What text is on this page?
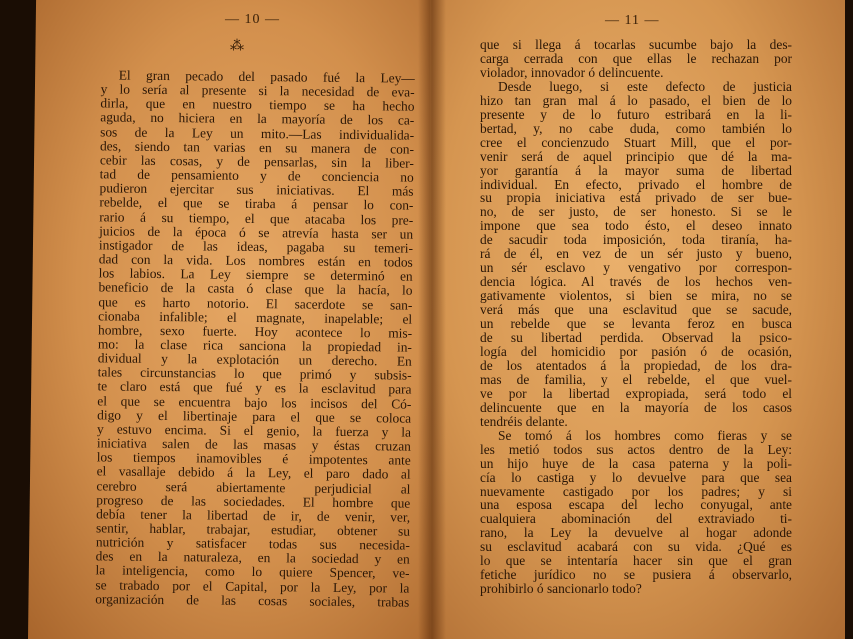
— 10 —
⁂
— 11 —
El gran pecado del pasado fué la Ley—
y lo sería al presente si la necesidad de eva-
dirla, que en nuestro tiempo se ha hecho
aguda, no hiciera en la mayoría de los ca-
sos de la Ley un mito.—Las individualida-
des, siendo tan varias en su manera de con-
cebir las cosas, y de pensarlas, sin la liber-
tad de pensamiento y de conciencia no
pudieron ejercitar sus iniciativas. El más
rebelde, el que se tiraba á pensar lo con-
rario á su tiempo, el que atacaba los pre-
juicios de la época ó se atrevía hasta ser un
instigador de las ideas, pagaba su temeri-
dad con la vida. Los nombres están en todos
los labios. La Ley siempre se determinó en
beneficio de la casta ó clase que la hacía, lo
que es harto notorio. El sacerdote se san-
cionaba infalible; el magnate, inapelable; el
hombre, sexo fuerte. Hoy acontece lo mis-
mo: la clase rica sanciona la propiedad in-
dividual y la explotación un derecho. En
tales circunstancias lo que primó y subsis-
te claro está que fué y es la esclavitud para
el que se encuentra bajo los incisos del Có-
digo y el libertinaje para el que se coloca
y estuvo encima. Si el genio, la fuerza y la
iniciativa salen de las masas y éstas cruzan
los tiempos inamovibles é impotentes ante
el vasallaje debido á la Ley, el paro dado al
cerebro será abiertamente perjudicial al
progreso de las sociedades. El hombre que
debía tener la libertad de ir, de venir, ver,
sentir, hablar, trabajar, estudiar, obtener su
nutrición y satisfacer todas sus necesida-
des en la naturaleza, en la sociedad y en
la inteligencia, como lo quiere Spencer, ve-
se trabado por el Capital, por la Ley, por la
organización de las cosas sociales, trabas
que si llega á tocarlas sucumbe bajo la des-
carga cerrada con que ellas le rechazan por
violador, innovador ó delincuente.
Desde luego, si este defecto de justicia
hizo tan gran mal á lo pasado, el bien de lo
presente y de lo futuro estribará en la li-
bertad, y, no cabe duda, como también lo
cree el concienzudo Stuart Mill, que el por-
venir será de aquel principio que dé la ma-
yor garantía á la mayor suma de libertad
individual. En efecto, privado el hombre de
su propia iniciativa está privado de ser bue-
no, de ser justo, de ser honesto. Si se le
impone que sea todo ésto, el deseo innato
de sacudir toda imposición, toda tiranía, ha-
rá de él, en vez de un sér justo y bueno,
un sér esclavo y vengativo por correspon-
dencia lógica. Al través de los hechos ven-
gativamente violentos, si bien se mira, no se
verá más que una esclavitud que se sacude,
un rebelde que se levanta feroz en busca
de su libertad perdida. Observad la psico-
logía del homicidio por pasión ó de ocasión,
de los atentados á la propiedad, de los dra-
mas de familia, y el rebelde, el que vuel-
ve por la libertad expropiada, será todo el
delincuente que en la mayoría de los casos
tendréis delante.
Se tomó á los hombres como fieras y se
les metió todos sus actos dentro de la Ley:
un hijo huye de la casa paterna y la poli-
cía lo castiga y lo devuelve para que sea
nuevamente castigado por los padres; y si
una esposa escapa del lecho conyugal, ante
cualquiera abominación del extraviado ti-
rano, la Ley la devuelve al hogar adonde
su esclavitud acabará con su vida. ¿Qué es
lo que se intentaría hacer sin que el gran
fetiche jurídico no se pusiera á observarlo,
prohibirlo ó sancionarlo todo?
